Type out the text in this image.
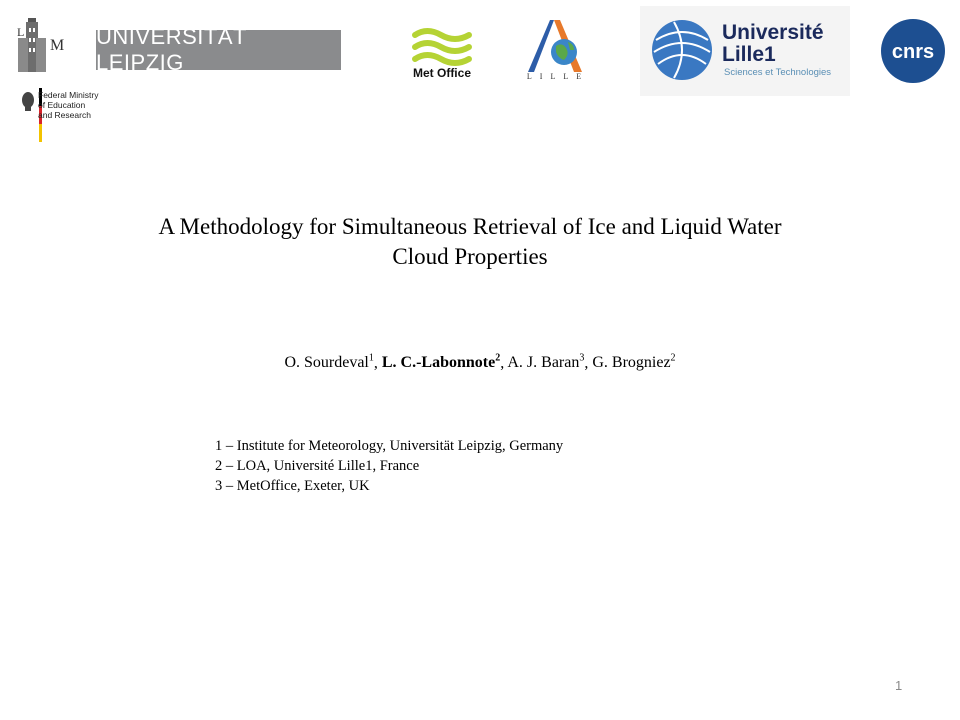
M
L	UNIVERSITÄT LEIPZIG
Federal Ministry
of Education
and Research
Met Office	LILLE
Université
Lille1
Sciences et Technologies
cnrs
A Methodology for Simultaneous Retrieval of Ice and Liquid Water
Cloud Properties
O. Sourdeval$^1$, L. C.-Labonnote$^2$, A. J. Baran$^3$, G. Brogniez$^2$
1 – Institute for Meteorology, Universität Leipzig, Germany
2 – LOA, Université Lille1, France
3 – MetOffice, Exeter, UK
1
